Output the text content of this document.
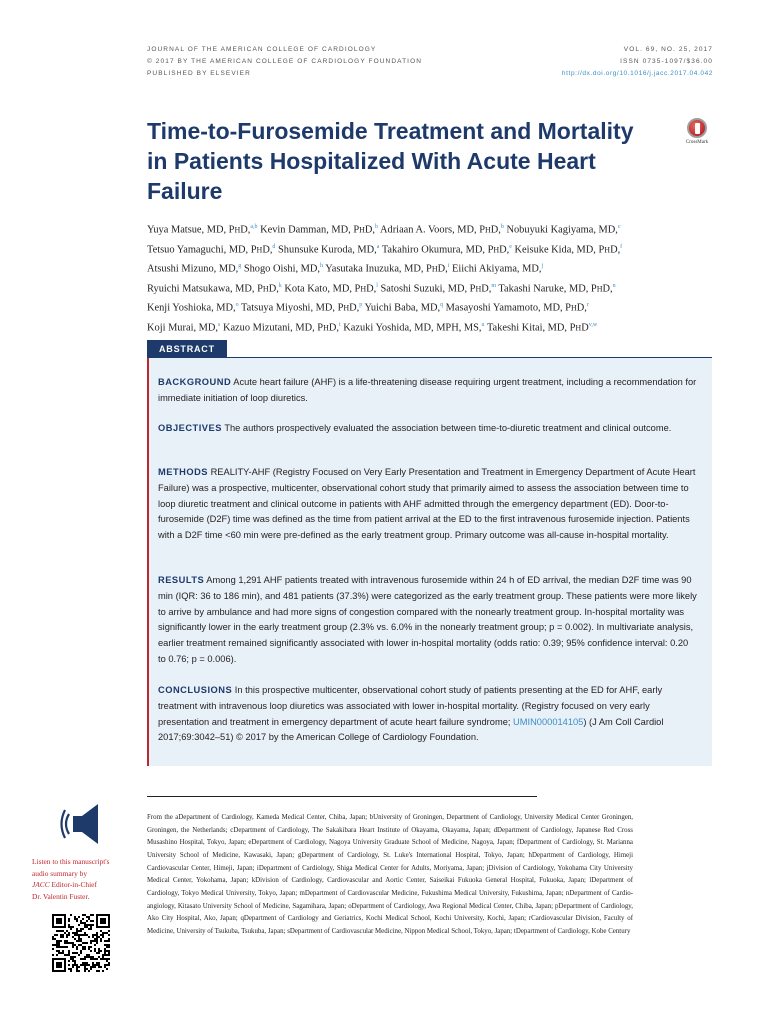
JOURNAL OF THE AMERICAN COLLEGE OF CARDIOLOGY
© 2017 BY THE AMERICAN COLLEGE OF CARDIOLOGY FOUNDATION
PUBLISHED BY ELSEVIER
VOL. 69, NO. 25, 2017
ISSN 0735-1097/$36.00
http://dx.doi.org/10.1016/j.jacc.2017.04.042
Time-to-Furosemide Treatment and Mortality in Patients Hospitalized With Acute Heart Failure
CrossMark

Yuya Matsue, MD, PHD,$^{a,b}$ Kevin Damman, MD, PHD,$^b$ Adriaan A. Voors, MD, PHD,$^b$ Nobuyuki Kagiyama, MD,$^c$
Tetsuo Yamaguchi, MD, PHD,$^d$ Shunsuke Kuroda, MD,$^a$ Takahiro Okumura, MD, PHD,$^e$ Keisuke Kida, MD, PHD,$^f$
Atsushi Mizuno, MD,$^g$ Shogo Oishi, MD,$^h$ Yasutaka Inuzuka, MD, PHD,$^i$ Eiichi Akiyama, MD,$^j$
Ryuichi Matsukawa, MD, PHD,$^k$ Kota Kato, MD, PHD,$^l$ Satoshi Suzuki, MD, PHD,$^m$ Takashi Naruke, MD, PHD,$^n$
Kenji Yoshioka, MD,$^o$ Tatsuya Miyoshi, MD, PHD,$^p$ Yuichi Baba, MD,$^q$ Masayoshi Yamamoto, MD, PHD,$^r$
Koji Murai, MD,$^s$ Kazuo Mizutani, MD, PHD,$^t$ Kazuki Yoshida, MD, MPH, MS,$^u$ Takeshi Kitai, MD, PHD$^{v,w}$

ABSTRACT

BACKGROUND Acute heart failure (AHF) is a life-threatening disease requiring urgent treatment, including a recommendation for immediate initiation of loop diuretics.

OBJECTIVES The authors prospectively evaluated the association between time-to-diuretic treatment and clinical outcome.

METHODS REALITY-AHF (Registry Focused on Very Early Presentation and Treatment in Emergency Department of Acute Heart Failure) was a prospective, multicenter, observational cohort study that primarily aimed to assess the association between time to loop diuretic treatment and clinical outcome in patients with AHF admitted through the emergency department (ED). Door-to-furosemide (D2F) time was defined as the time from patient arrival at the ED to the first intravenous furosemide injection. Patients with a D2F time <60 min were pre-defined as the early treatment group. Primary outcome was all-cause in-hospital mortality.

RESULTS Among 1,291 AHF patients treated with intravenous furosemide within 24 h of ED arrival, the median D2F time was 90 min (IQR: 36 to 186 min), and 481 patients (37.3%) were categorized as the early treatment group. These patients were more likely to arrive by ambulance and had more signs of congestion compared with the nonearly treatment group. In-hospital mortality was significantly lower in the early treatment group (2.3% vs. 6.0% in the nonearly treatment group; p = 0.002). In multivariate analysis, earlier treatment remained significantly associated with lower in-hospital mortality (odds ratio: 0.39; 95% confidence interval: 0.20 to 0.76; p = 0.006).

CONCLUSIONS In this prospective multicenter, observational cohort study of patients presenting at the ED for AHF, early treatment with intravenous loop diuretics was associated with lower in-hospital mortality. (Registry focused on very early presentation and treatment in emergency department of acute heart failure syndrome; UMIN000014105) (J Am Coll Cardiol 2017;69:3042–51) © 2017 by the American College of Cardiology Foundation.

Listen to this manuscript's
audio summary by
JACC Editor-in-Chief
Dr. Valentin Fuster.

From the aDepartment of Cardiology, Kameda Medical Center, Chiba, Japan; bUniversity of Groningen, Department of Cardiology, University Medical Center Groningen, Groningen, the Netherlands; cDepartment of Cardiology, The Sakakibara Heart Institute of Okayama, Okayama, Japan; dDepartment of Cardiology, Japanese Red Cross Musashino Hospital, Tokyo, Japan; eDepartment of Cardiology, Nagoya University Graduate School of Medicine, Nagoya, Japan; fDepartment of Cardiology, St. Marianna University School of Medicine, Kawasaki, Japan; gDepartment of Cardiology, St. Luke's International Hospital, Tokyo, Japan; hDepartment of Cardiology, Himeji Cardiovascular Center, Himeji, Japan; iDepartment of Cardiology, Shiga Medical Center for Adults, Moriyama, Japan; jDivision of Cardiology, Yokohama City University Medical Center, Yokohama, Japan; kDivision of Cardiology, Cardiovascular and Aortic Center, Saiseikai Fukuoka General Hospital, Fukuoka, Japan; lDepartment of Cardiology, Tokyo Medical University, Tokyo, Japan; mDepartment of Cardiovascular Medicine, Fukushima Medical University, Fukushima, Japan; nDepartment of Cardio-angiology, Kitasato University School of Medicine, Sagamihara, Japan; oDepartment of Cardiology, Awa Regional Medical Center, Chiba, Japan; pDepartment of Cardiology, Ako City Hospital, Ako, Japan; qDepartment of Cardiology and Geriatrics, Kochi Medical School, Kochi University, Kochi, Japan; rCardiovascular Division, Faculty of Medicine, University of Tsukuba, Tsukuba, Japan; sDepartment of Cardiovascular Medicine, Nippon Medical School, Tokyo, Japan; tDepartment of Cardiology, Kobe Century
